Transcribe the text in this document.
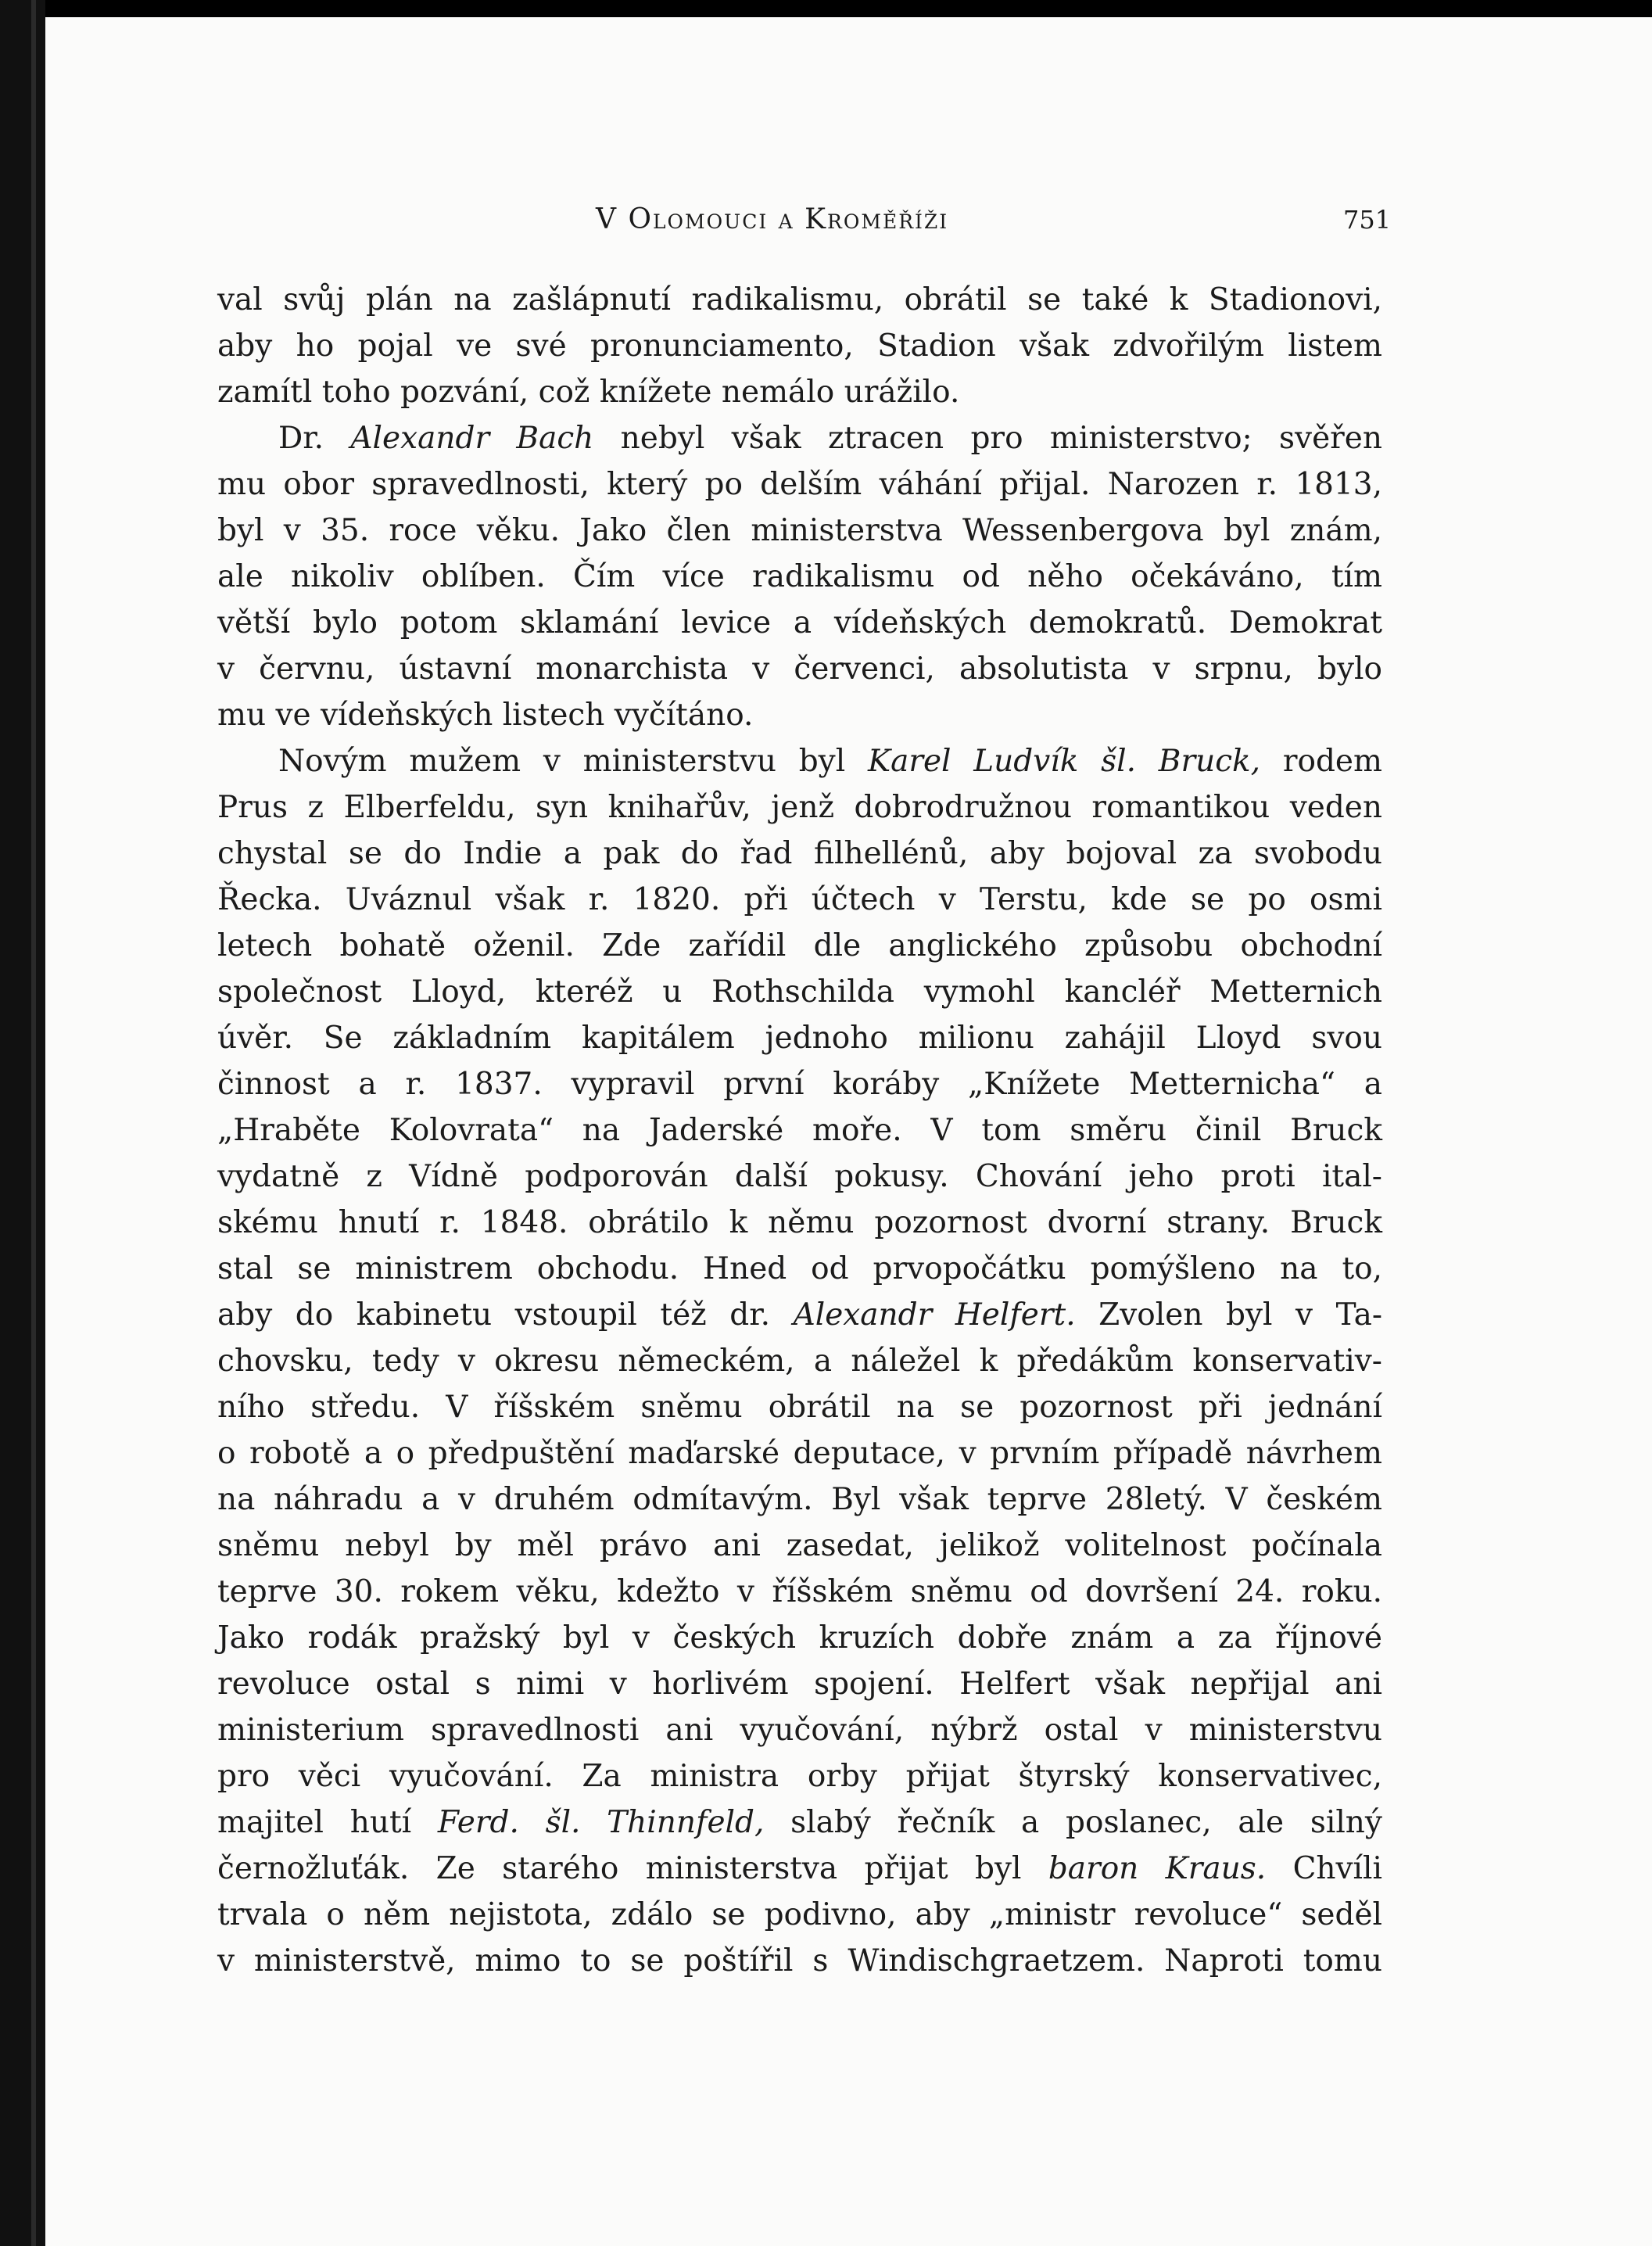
V Olomouci a Kroměříži	751
val svůj plán na zašlápnutí radikalismu, obrátil se také k Stadionovi,
aby ho pojal ve své pronunciamento, Stadion však zdvořilým listem
zamítl toho pozvání, což knížete nemálo urážilo.
Dr. Alexandr Bach nebyl však ztracen pro ministerstvo; svěřen
mu obor spravedlnosti, který po delším váhání přijal. Narozen r. 1813,
byl v 35. roce věku. Jako člen ministerstva Wessenbergova byl znám,
ale nikoliv oblíben. Čím více radikalismu od něho očekáváno, tím
větší bylo potom sklamání levice a vídeňských demokratů. Demokrat
v červnu, ústavní monarchista v červenci, absolutista v srpnu, bylo
mu ve vídeňských listech vyčítáno.
Novým mužem v ministerstvu byl Karel Ludvík šl. Bruck, rodem
Prus z Elberfeldu, syn knihařův, jenž dobrodružnou romantikou veden
chystal se do Indie a pak do řad filhellénů, aby bojoval za svobodu
Řecka. Uváznul však r. 1820. při účtech v Terstu, kde se po osmi
letech bohatě oženil. Zde zařídil dle anglického způsobu obchodní
společnost Lloyd, kteréž u Rothschilda vymohl kancléř Metternich
úvěr. Se základním kapitálem jednoho milionu zahájil Lloyd svou
činnost a r. 1837. vypravil první koráby „Knížete Metternicha“ a
„Hraběte Kolovrata“ na Jaderské moře. V tom směru činil Bruck
vydatně z Vídně podporován další pokusy. Chování jeho proti ital-
skému hnutí r. 1848. obrátilo k němu pozornost dvorní strany. Bruck
stal se ministrem obchodu. Hned od prvopočátku pomýšleno na to,
aby do kabinetu vstoupil též dr. Alexandr Helfert. Zvolen byl v Ta-
chovsku, tedy v okresu německém, a náležel k předákům konservativ-
ního středu. V říšském sněmu obrátil na se pozornost při jednání
o robotě a o předpuštění maďarské deputace, v prvním případě návrhem
na náhradu a v druhém odmítavým. Byl však teprve 28letý. V českém
sněmu nebyl by měl právo ani zasedat, jelikož volitelnost počínala
teprve 30. rokem věku, kdežto v říšském sněmu od dovršení 24. roku.
Jako rodák pražský byl v českých kruzích dobře znám a za říjnové
revoluce ostal s nimi v horlivém spojení. Helfert však nepřijal ani
ministerium spravedlnosti ani vyučování, nýbrž ostal v ministerstvu
pro věci vyučování. Za ministra orby přijat štyrský konservativec,
majitel hutí Ferd. šl. Thinnfeld, slabý řečník a poslanec, ale silný
černožluťák. Ze starého ministerstva přijat byl baron Kraus. Chvíli
trvala o něm nejistota, zdálo se podivno, aby „ministr revoluce“ seděl
v ministerstvě, mimo to se poštířil s Windischgraetzem. Naproti tomu
